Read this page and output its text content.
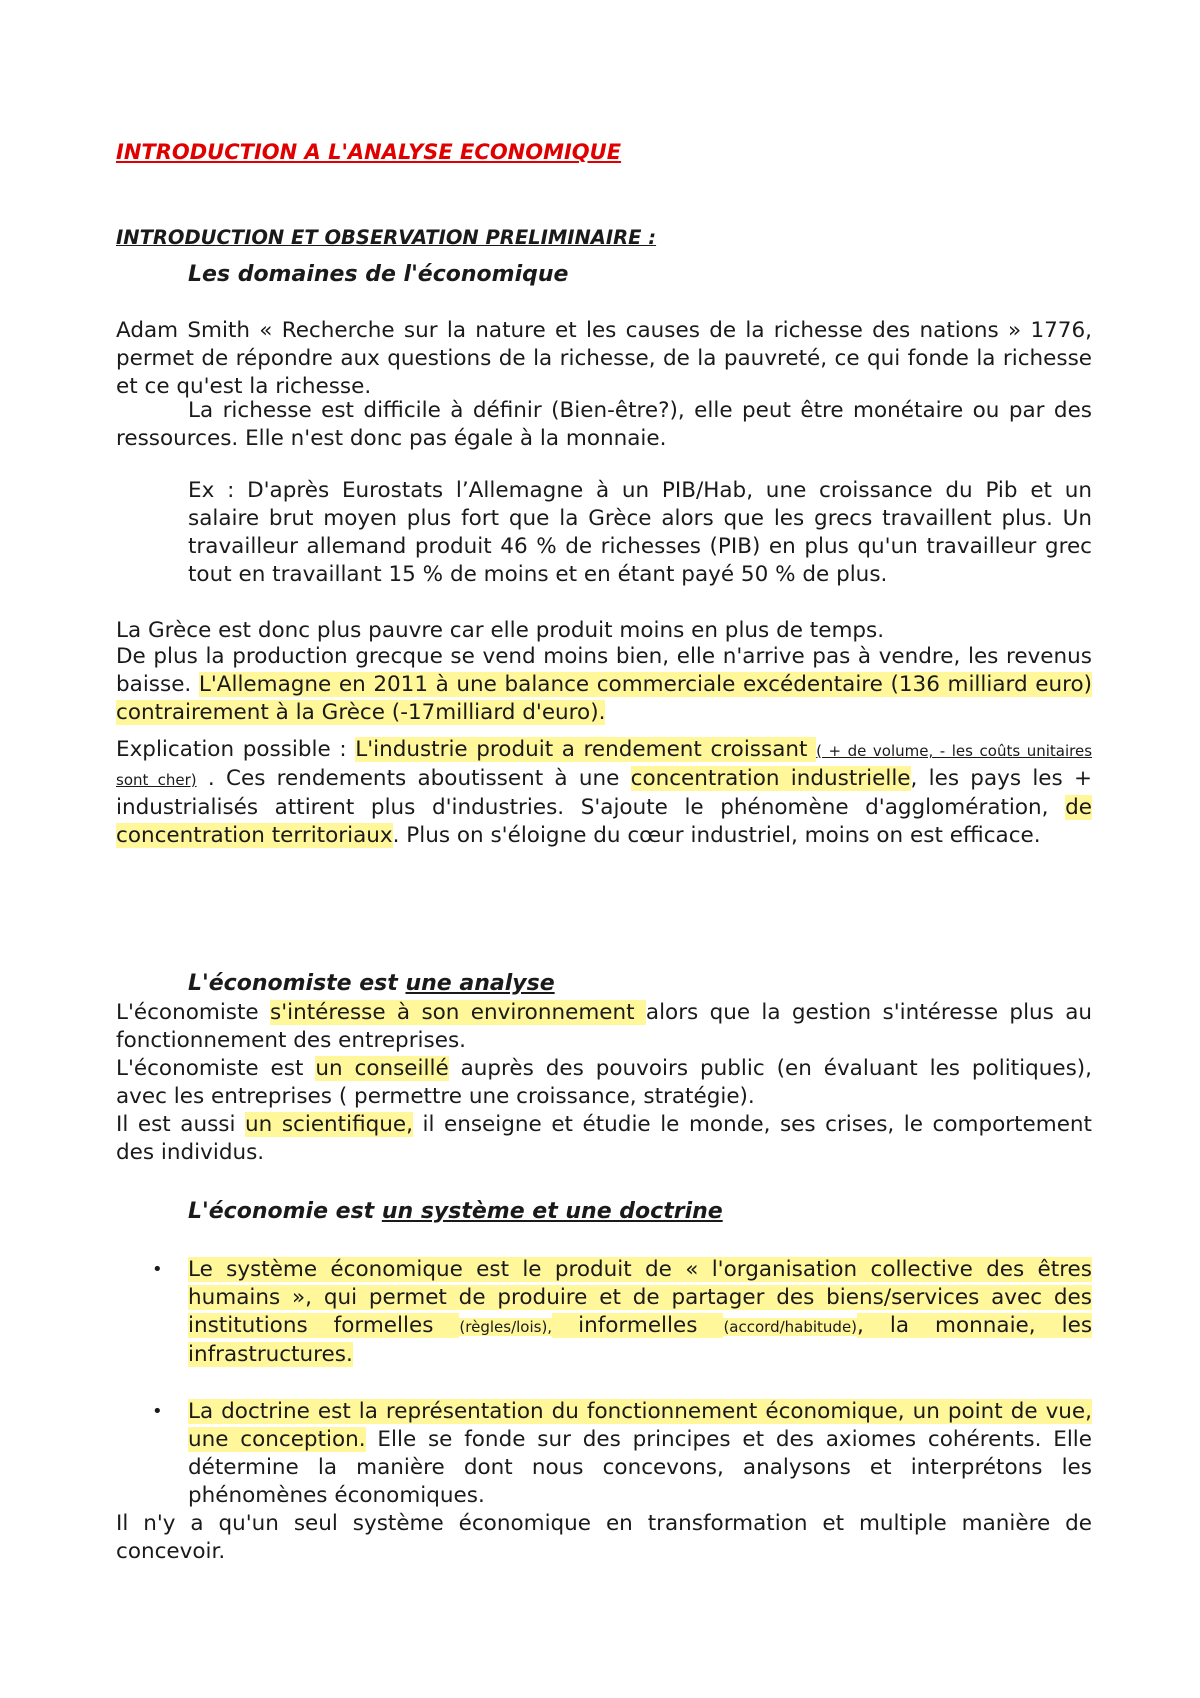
INTRODUCTION A L'ANALYSE ECONOMIQUE
INTRODUCTION ET OBSERVATION PRELIMINAIRE :
Les domaines de l'économique

Adam Smith « Recherche sur la nature et les causes de la richesse des nations » 1776, permet de répondre aux questions de la richesse, de la pauvreté, ce qui fonde la richesse et ce qu'est la richesse.

La richesse est difficile à définir (Bien-être?), elle peut être monétaire ou par des ressources. Elle n'est donc pas égale à la monnaie.

Ex : D'après Eurostats l’Allemagne à un PIB/Hab, une croissance du Pib et un salaire brut moyen plus fort que la Grèce alors que les grecs travaillent plus. Un travailleur allemand produit 46 % de richesses (PIB) en plus qu'un travailleur grec tout en travaillant 15 % de moins et en étant payé 50 % de plus.

La Grèce est donc plus pauvre car elle produit moins en plus de temps.

De plus la production grecque se vend moins bien, elle n'arrive pas à vendre, les revenus baisse. L'Allemagne en 2011 à une balance commerciale excédentaire (136 milliard euro) contrairement à la Grèce (-17milliard d'euro).

Explication possible : L'industrie produit a rendement croissant ( + de volume, - les coûts unitaires sont cher) . Ces rendements aboutissent à une concentration industrielle, les pays les + industrialisés attirent plus d'industries. S'ajoute le phénomène d'agglomération, de concentration territoriaux. Plus on s'éloigne du cœur industriel, moins on est efficace.

L'économiste est une analyse

L'économiste s'intéresse à son environnement alors que la gestion s'intéresse plus au fonctionnement des entreprises.

L'économiste est un conseillé auprès des pouvoirs public (en évaluant les politiques), avec les entreprises ( permettre une croissance, stratégie).

Il est aussi un scientifique, il enseigne et étudie le monde, ses crises, le comportement des individus.

L'économie est un système et une doctrine
• Le système économique est le produit de « l'organisation collective des êtres humains », qui permet de produire et de partager des biens/services avec des institutions formelles (règles/lois), informelles (accord/habitude), la monnaie, les infrastructures.

• La doctrine est la représentation du fonctionnement économique, un point de vue, une conception. Elle se fonde sur des principes et des axiomes cohérents. Elle détermine la manière dont nous concevons, analysons et interprétons les phénomènes économiques.

Il n'y a qu'un seul système économique en transformation et multiple manière de concevoir.
